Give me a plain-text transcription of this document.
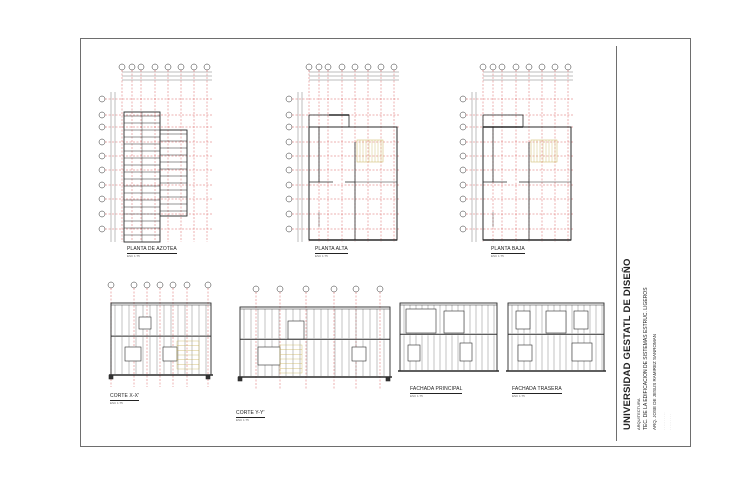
PLANTA DE AZOTEA
ESC 1:75
PLANTA ALTA
ESC 1:75
PLANTA BAJA
ESC 1:75
CORTE X-X'
ESC 1:75
CORTE Y-Y'
ESC 1:75
FACHADA PRINCIPAL
ESC 1:75
FACHADA TRASERA
ESC 1:75	UNIVERSIDAD GESTATL DE DISEÑO ARQUITECTURA TEC. DE LA EDIFICACION DE SISTEMAS ESTRUC. LIGEROS ARQ. JOSE DE JESUS RAMIREZ SANROMAN · · · · · · · · · · · · · · · · · · ·
